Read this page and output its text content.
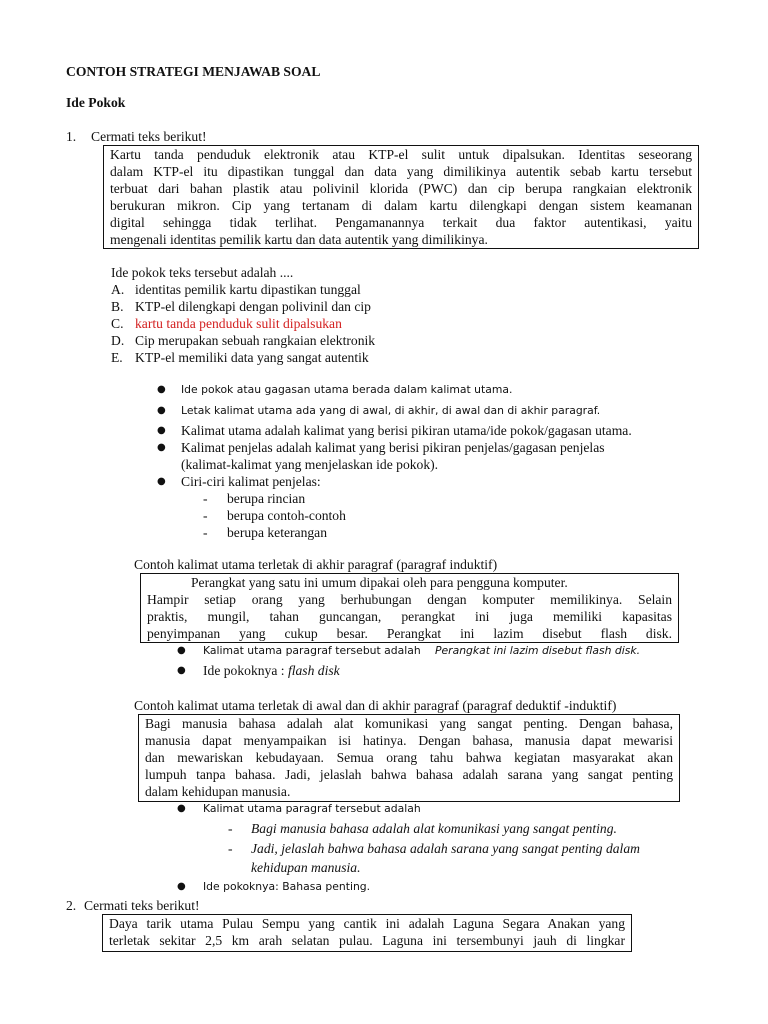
CONTOH STRATEGI MENJAWAB SOAL
Ide Pokok
1. Cermati teks berikut!
Kartu tanda penduduk elektronik atau KTP-el sulit untuk dipalsukan. Identitas seseorang
dalam KTP-el itu dipastikan tunggal dan data yang dimilikinya autentik sebab kartu tersebut
terbuat dari bahan plastik atau polivinil klorida (PWC) dan cip berupa rangkaian elektronik
berukuran mikron. Cip yang tertanam di dalam kartu dilengkapi dengan sistem keamanan
digital sehingga tidak terlihat. Pengamanannya terkait dua faktor autentikasi, yaitu
mengenali identitas pemilik kartu dan data autentik yang dimilikinya.
Ide pokok teks tersebut adalah ....
A. identitas pemilik kartu dipastikan tunggal
B. KTP-el dilengkapi dengan polivinil dan cip
C. kartu tanda penduduk sulit dipalsukan
D. Cip merupakan sebuah rangkaian elektronik
E. KTP-el memiliki data yang sangat autentik
● Ide pokok atau gagasan utama berada dalam kalimat utama.
● Letak kalimat utama ada yang di awal, di akhir, di awal dan di akhir paragraf.
● Kalimat utama adalah kalimat yang berisi pikiran utama/ide pokok/gagasan utama.
● Kalimat penjelas adalah kalimat yang berisi pikiran penjelas/gagasan penjelas
(kalimat-kalimat yang menjelaskan ide pokok).
● Ciri-ciri kalimat penjelas:
- berupa rincian
- berupa contoh-contoh
- berupa keterangan
Contoh kalimat utama terletak di akhir paragraf (paragraf induktif)
Perangkat yang satu ini umum dipakai oleh para pengguna komputer.
Hampir setiap orang yang berhubungan dengan komputer memilikinya. Selain
praktis, mungil, tahan guncangan, perangkat ini juga memiliki kapasitas
penyimpanan yang cukup besar. Perangkat ini lazim disebut flash disk.
● Kalimat utama paragraf tersebut adalah Perangkat ini lazim disebut flash disk.
● Ide pokoknya : flash disk
Contoh kalimat utama terletak di awal dan di akhir paragraf (paragraf deduktif -induktif)
Bagi manusia bahasa adalah alat komunikasi yang sangat penting. Dengan bahasa,
manusia dapat menyampaikan isi hatinya. Dengan bahasa, manusia dapat mewarisi
dan mewariskan kebudayaan. Semua orang tahu bahwa kegiatan masyarakat akan
lumpuh tanpa bahasa. Jadi, jelaslah bahwa bahasa adalah sarana yang sangat penting
dalam kehidupan manusia.
● Kalimat utama paragraf tersebut adalah
- Bagi manusia bahasa adalah alat komunikasi yang sangat penting.
- Jadi, jelaslah bahwa bahasa adalah sarana yang sangat penting dalam
kehidupan manusia.
● Ide pokoknya: Bahasa penting.
2. Cermati teks berikut!
Daya tarik utama Pulau Sempu yang cantik ini adalah Laguna Segara Anakan yang
terletak sekitar 2,5 km arah selatan pulau. Laguna ini tersembunyi jauh di lingkar
